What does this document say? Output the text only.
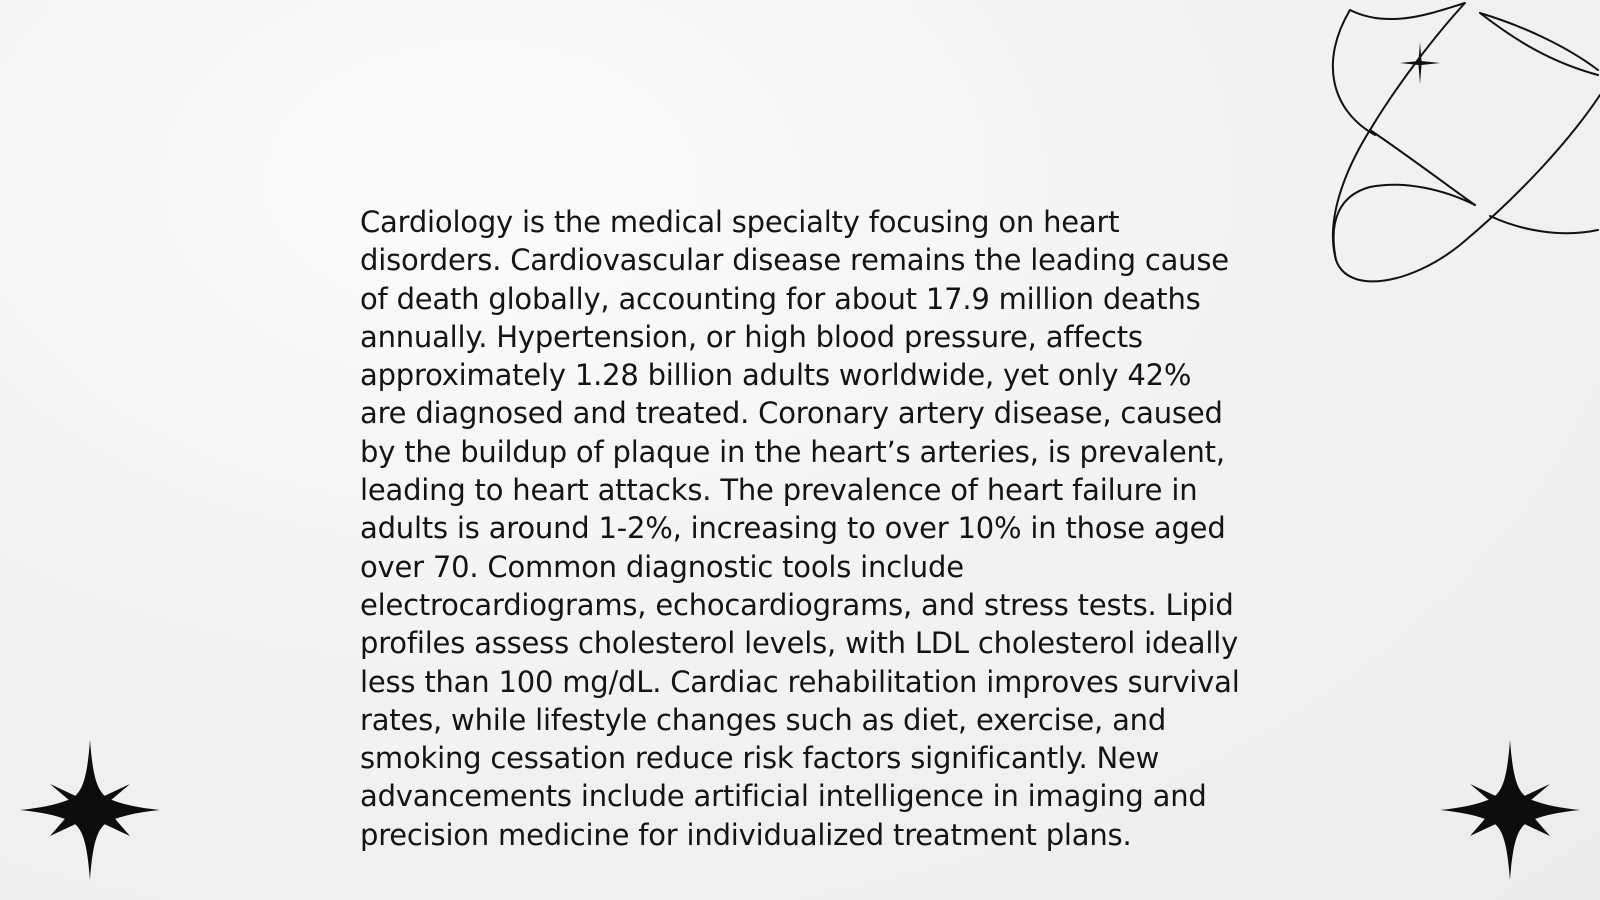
Cardiology is the medical specialty focusing on heart disorders. Cardiovascular disease remains the leading cause of death globally, accounting for about 17.9 million deaths annually. Hypertension, or high blood pressure, affects approximately 1.28 billion adults worldwide, yet only 42% are diagnosed and treated. Coronary artery disease, caused by the buildup of plaque in the heart’s arteries, is prevalent, leading to heart attacks. The prevalence of heart failure in adults is around 1-2%, increasing to over 10% in those aged over 70. Common diagnostic tools include electrocardiograms, echocardiograms, and stress tests. Lipid profiles assess cholesterol levels, with LDL cholesterol ideally less than 100 mg/dL. Cardiac rehabilitation improves survival rates, while lifestyle changes such as diet, exercise, and smoking cessation reduce risk factors significantly. New advancements include artificial intelligence in imaging and precision medicine for individualized treatment plans.
